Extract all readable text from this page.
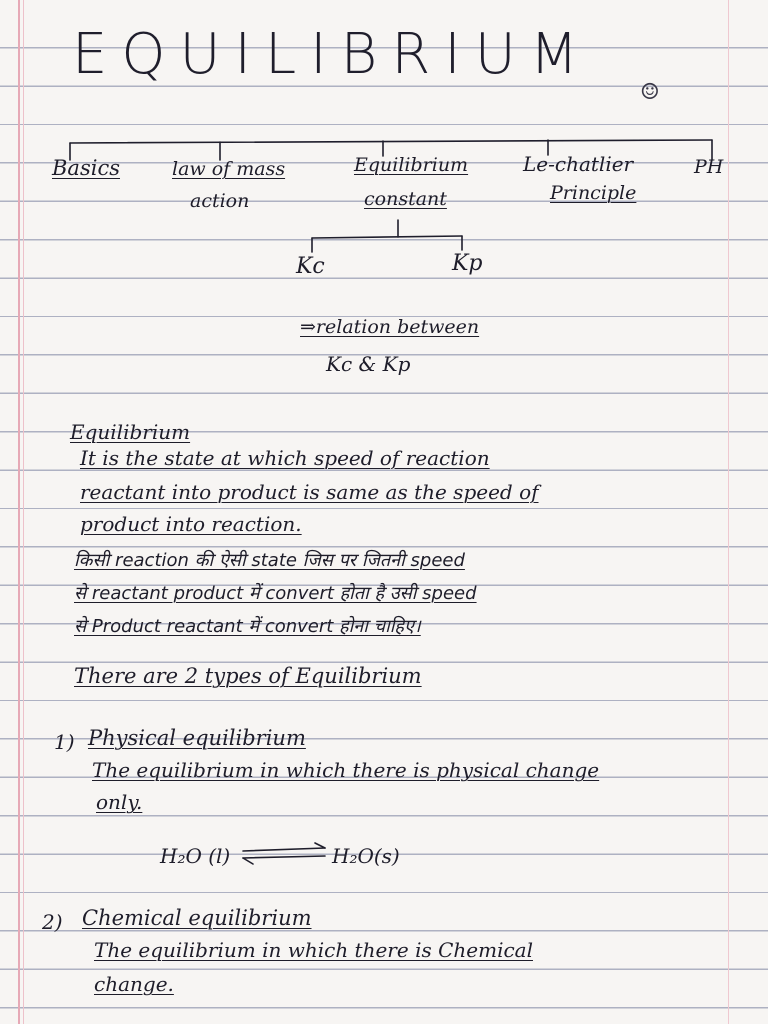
EQUILIBRIUM
☺
Basics	law of mass
action
Equilibrium
constant
Le-chatlier
Principle
PH
Kc	Kp
⇒relation between
Kc & Kp
Equilibrium
It is the state at which speed of reaction
reactant into product is same as the speed of
product into reaction.
किसी reaction की ऐसी state जिस पर जितनी speed
से reactant product में convert होता है उसी speed
से Product reactant में convert होना चाहिए।
There are 2 types of Equilibrium
1) Physical equilibrium
The equilibrium in which there is physical change
only.
H₂O (l)	H₂O(s)
2) Chemical equilibrium
The equilibrium in which there is Chemical
change.
